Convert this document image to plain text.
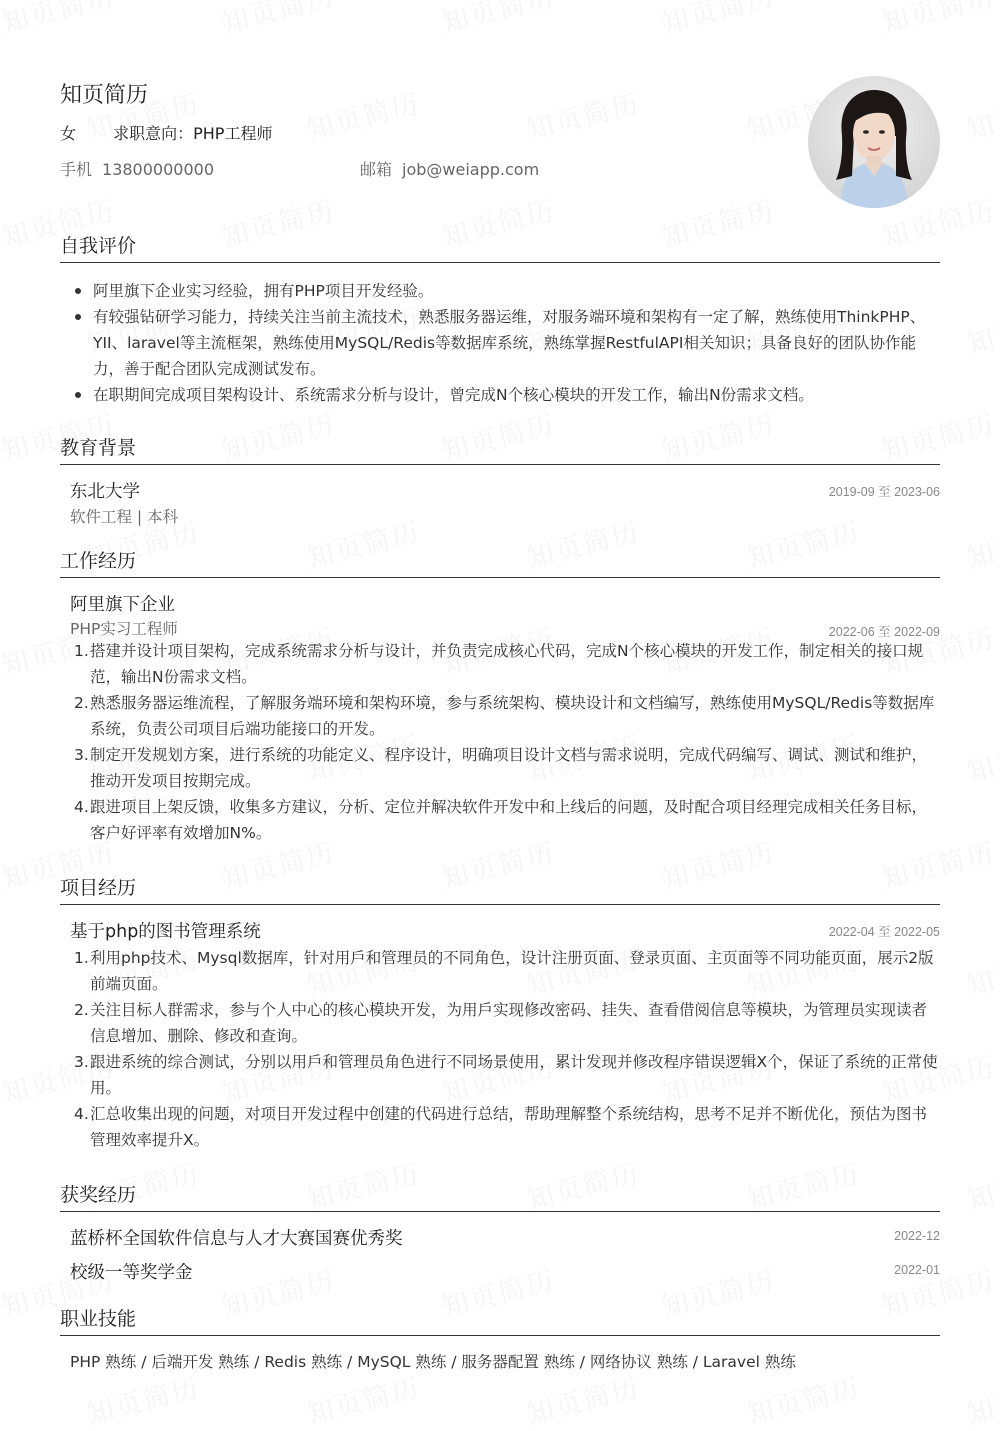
知页简历
女 求职意向：PHP工程师
手机 13800000000	邮箱 job@weiapp.com
自我评价
阿里旗下企业实习经验，拥有PHP项目开发经验。
有较强钻研学习能力，持续关注当前主流技术，熟悉服务器运维，对服务端环境和架构有一定了解，熟练使用ThinkPHP、YII、laravel等主流框架，熟练使用MySQL/Redis等数据库系统，熟练掌握RestfulAPI相关知识；具备良好的团队协作能力，善于配合团队完成测试发布。
在职期间完成项目架构设计、系统需求分析与设计，曾完成N个核心模块的开发工作，输出N份需求文档。
教育背景
东北大学	2019-09 至 2023-06
软件工程 | 本科
工作经历
阿里旗下企业
PHP实习工程师	2022-06 至 2022-09
1. 搭建并设计项目架构，完成系统需求分析与设计，并负责完成核心代码，完成N个核心模块的开发工作，制定相关的接口规范，输出N份需求文档。
2. 熟悉服务器运维流程，了解服务端环境和架构环境，参与系统架构、模块设计和文档编写，熟练使用MySQL/Redis等数据库系统，负责公司项目后端功能接口的开发。
3. 制定开发规划方案，进行系统的功能定义、程序设计，明确项目设计文档与需求说明，完成代码编写、调试、测试和维护，推动开发项目按期完成。
4. 跟进项目上架反馈，收集多方建议，分析、定位并解决软件开发中和上线后的问题，及时配合项目经理完成相关任务目标，客户好评率有效增加N%。
项目经历
基于php的图书管理系统	2022-04 至 2022-05
1. 利用php技术、Mysql数据库，针对用戶和管理员的不同角色，设计注册页面、登录页面、主页面等不同功能页面，展示2版前端页面。
2. 关注目标人群需求，参与个人中心的核心模块开发，为用戶实现修改密码、挂失、查看借阅信息等模块，为管理员实现读者信息增加、删除、修改和查询。
3. 跟进系统的综合测试，分别以用戶和管理员角色进行不同场景使用，累计发现并修改程序错误逻辑X个，保证了系统的正常使用。
4. 汇总收集出现的问题，对项目开发过程中创建的代码进行总结，帮助理解整个系统结构，思考不足并不断优化，预估为图书管理效率提升X。
获奖经历
蓝桥杯全国软件信息与人才大赛国赛优秀奖	2022-12
校级一等奖学金	2022-01
职业技能
PHP 熟练 / 后端开发 熟练 / Redis 熟练 / MySQL 熟练 / 服务器配置 熟练 / 网络协议 熟练 / Laravel 熟练
